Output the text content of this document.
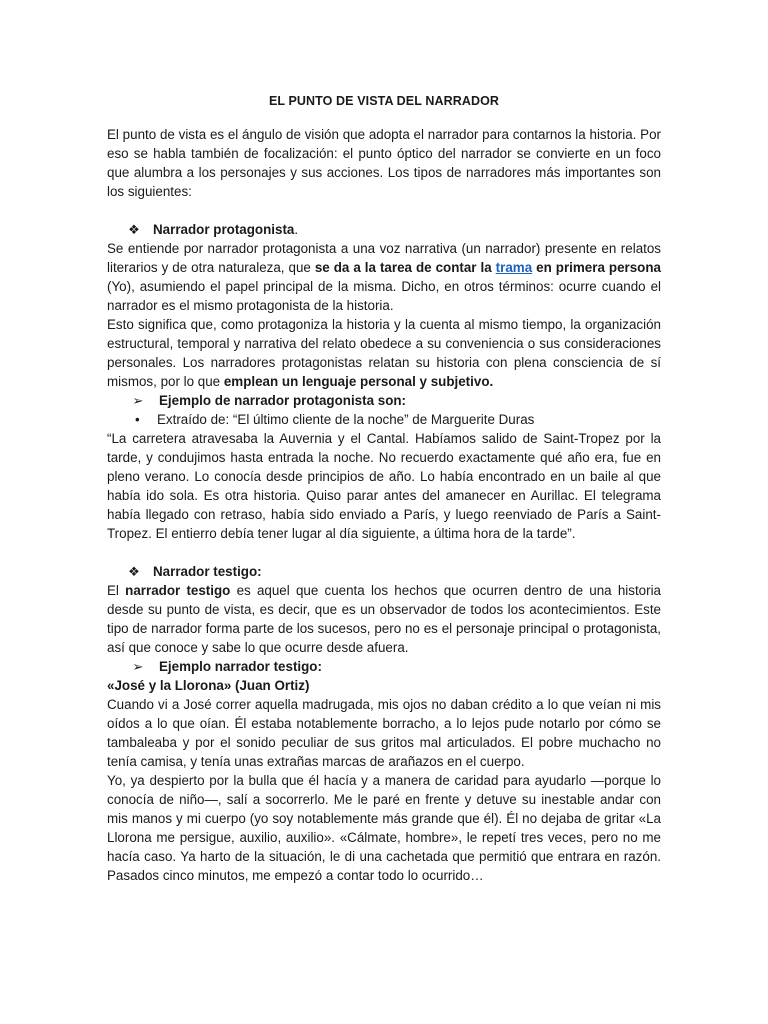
EL PUNTO DE VISTA DEL NARRADOR

El punto de vista es el ángulo de visión que adopta el narrador para contarnos la historia. Por eso se habla también de focalización: el punto óptico del narrador se convierte en un foco que alumbra a los personajes y sus acciones. Los tipos de narradores más importantes son los siguientes:

❖ Narrador protagonista .

Se entiende por narrador protagonista a una voz narrativa (un narrador) presente en relatos literarios y de otra naturaleza, que se da a la tarea de contar la trama en primera persona (Yo), asumiendo el papel principal de la misma. Dicho, en otros términos: ocurre cuando el narrador es el mismo protagonista de la historia.

Esto significa que, como protagoniza la historia y la cuenta al mismo tiempo, la organización estructural, temporal y narrativa del relato obedece a su conveniencia o sus consideraciones personales. Los narradores protagonistas relatan su historia con plena consciencia de sí mismos, por lo que emplean un lenguaje personal y subjetivo.

➢	Ejemplo de narrador protagonista son:
•	Extraído de: “El último cliente de la noche” de Marguerite Duras

“La carretera atravesaba la Auvernia y el Cantal. Habíamos salido de Saint-Tropez por la tarde, y condujimos hasta entrada la noche. No recuerdo exactamente qué año era, fue en pleno verano. Lo conocía desde principios de año. Lo había encontrado en un baile al que había ido sola. Es otra historia. Quiso parar antes del amanecer en Aurillac. El telegrama había llegado con retraso, había sido enviado a París, y luego reenviado de París a Saint-Tropez. El entierro debía tener lugar al día siguiente, a última hora de la tarde”.

❖ Narrador testigo:

El narrador testigo es aquel que cuenta los hechos que ocurren dentro de una historia desde su punto de vista, es decir, que es un observador de todos los acontecimientos. Este tipo de narrador forma parte de los sucesos, pero no es el personaje principal o protagonista, así que conoce y sabe lo que ocurre desde afuera.

➢	Ejemplo narrador testigo:

«José y la Llorona» (Juan Ortiz)

Cuando vi a José correr aquella madrugada, mis ojos no daban crédito a lo que veían ni mis oídos a lo que oían. Él estaba notablemente borracho, a lo lejos pude notarlo por cómo se tambaleaba y por el sonido peculiar de sus gritos mal articulados. El pobre muchacho no tenía camisa, y tenía unas extrañas marcas de arañazos en el cuerpo.

Yo, ya despierto por la bulla que él hacía y a manera de caridad para ayudarlo —porque lo conocía de niño—, salí a socorrerlo. Me le paré en frente y detuve su inestable andar con mis manos y mi cuerpo (yo soy notablemente más grande que él). Él no dejaba de gritar «La Llorona me persigue, auxilio, auxilio». «Cálmate, hombre», le repetí tres veces, pero no me hacía caso. Ya harto de la situación, le di una cachetada que permitió que entrara en razón. Pasados cinco minutos, me empezó a contar todo lo ocurrido…
